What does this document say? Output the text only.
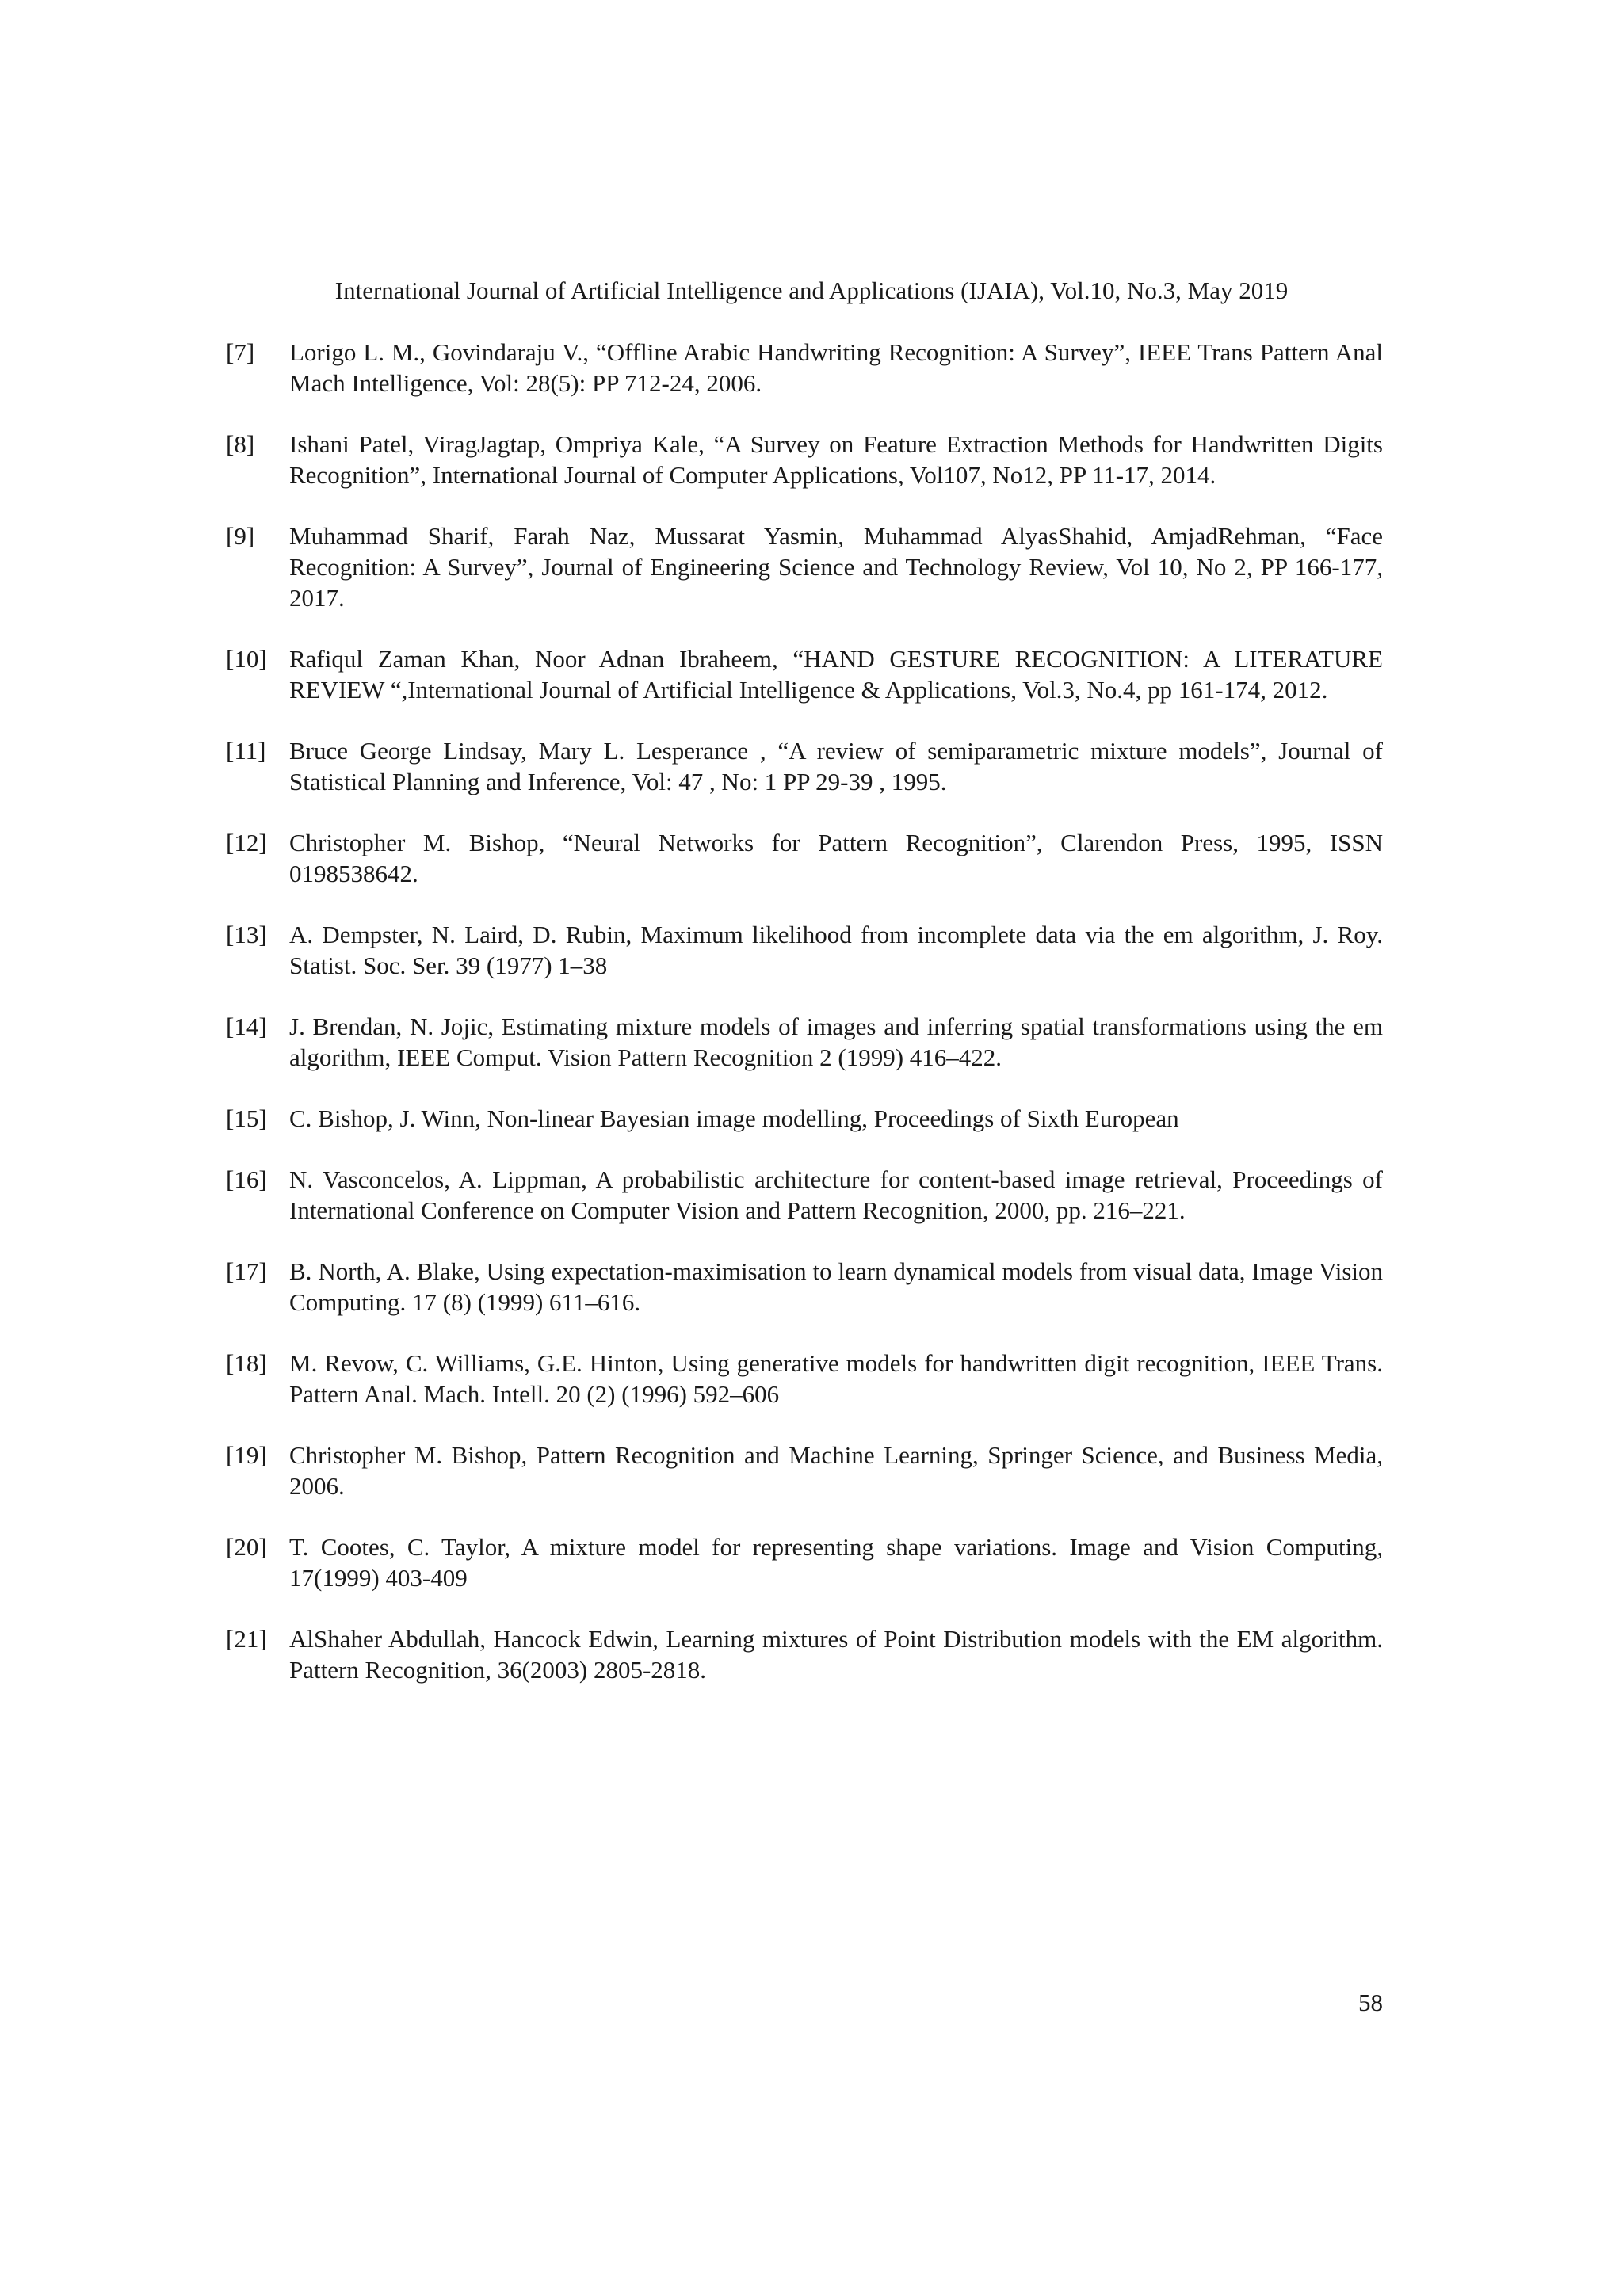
International Journal of Artificial Intelligence and Applications (IJAIA), Vol.10, No.3, May 2019
[7]	Lorigo L. M., Govindaraju V., “Offline Arabic Handwriting Recognition: A Survey”, IEEE Trans Pattern Anal Mach Intelligence, Vol: 28(5): PP 712-24, 2006.
[8]	Ishani Patel, ViragJagtap, Ompriya Kale, “A Survey on Feature Extraction Methods for Handwritten Digits Recognition”, International Journal of Computer Applications, Vol107, No12, PP 11-17, 2014.
[9]	Muhammad Sharif, Farah Naz, Mussarat Yasmin, Muhammad AlyasShahid, AmjadRehman, “Face Recognition: A Survey”, Journal of Engineering Science and Technology Review, Vol 10, No 2, PP 166-177, 2017.
[10] Rafiqul Zaman Khan, Noor Adnan Ibraheem, “HAND GESTURE RECOGNITION: A LITERATURE REVIEW “,International Journal of Artificial Intelligence & Applications, Vol.3, No.4, pp 161-174, 2012.
[11] Bruce George Lindsay, Mary L. Lesperance , “A review of semiparametric mixture models”, Journal of Statistical Planning and Inference, Vol: 47 , No: 1 PP 29-39 , 1995.
[12] Christopher M. Bishop, “Neural Networks for Pattern Recognition”, Clarendon Press, 1995, ISSN 0198538642.
[13] A. Dempster, N. Laird, D. Rubin, Maximum likelihood from incomplete data via the em algorithm, J. Roy. Statist. Soc. Ser. 39 (1977) 1–38
[14] J. Brendan, N. Jojic, Estimating mixture models of images and inferring spatial transformations using the em algorithm, IEEE Comput. Vision Pattern Recognition 2 (1999) 416–422.
[15] C. Bishop, J. Winn, Non-linear Bayesian image modelling, Proceedings of Sixth European
[16] N. Vasconcelos, A. Lippman, A probabilistic architecture for content-based image retrieval, Proceedings of International Conference on Computer Vision and Pattern Recognition, 2000, pp. 216–221.
[17] B. North, A. Blake, Using expectation-maximisation to learn dynamical models from visual data, Image Vision Computing. 17 (8) (1999) 611–616.
[18] M. Revow, C. Williams, G.E. Hinton, Using generative models for handwritten digit recognition, IEEE Trans. Pattern Anal. Mach. Intell. 20 (2) (1996) 592–606
[19] Christopher M. Bishop, Pattern Recognition and Machine Learning, Springer Science, and Business Media, 2006.
[20] T. Cootes, C. Taylor, A mixture model for representing shape variations. Image and Vision Computing, 17(1999) 403-409
[21] AlShaher Abdullah, Hancock Edwin, Learning mixtures of Point Distribution models with the EM algorithm. Pattern Recognition, 36(2003) 2805-2818.
58
